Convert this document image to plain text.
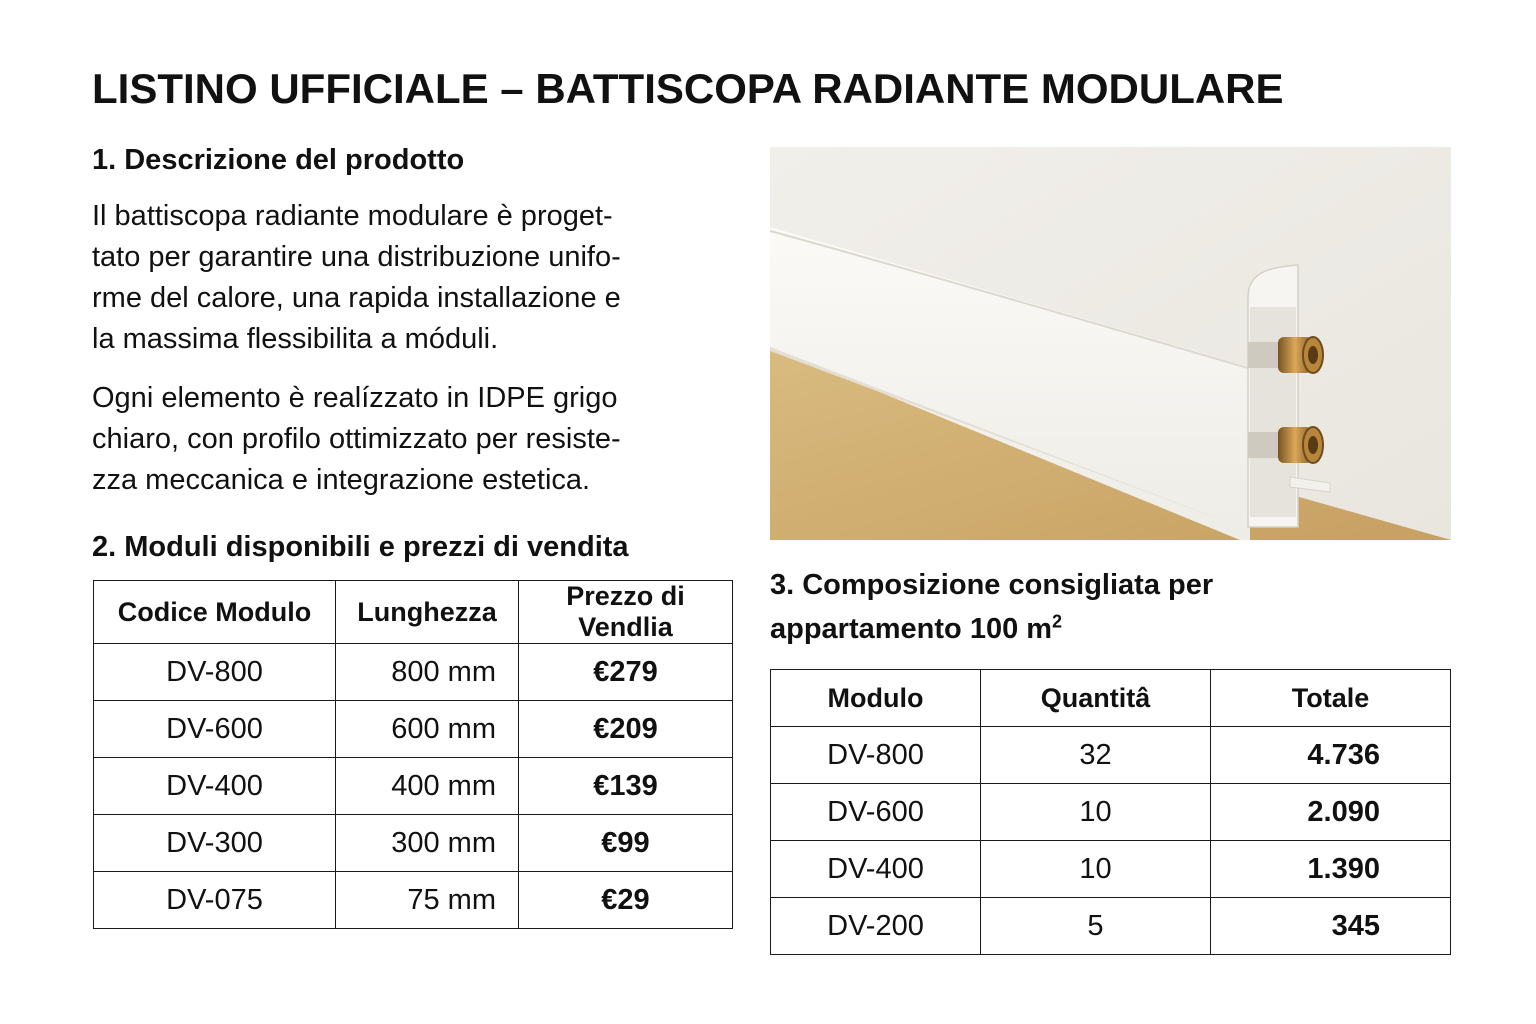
LISTINO UFFICIALE – BATTISCOPA RADIANTE MODULARE
1. Descrizione del prodotto
Il battiscopa radiante modulare è proget-
tato per garantire una distribuzione unifo-
rme del calore, una rapida installazione e
la massima flessibilita a móduli.
Ogni elemento è realízzato in IDPE grigo
chiaro, con profilo ottimizzato per resiste-
zza meccanica e integrazione estetica.
2. Moduli disponibili e prezzi di vendita
Codice Modulo	Lunghezza	Prezzo di Vendlia
DV-800	800 mm	€279
DV-600	600 mm	€209
DV-400	400 mm	€139
DV-300	300 mm	€99
DV-075	75 mm	€29
3. Composizione consigliata per
appartamento 100 $m^2$
Modulo	Quantitâ	Totale
DV-800	32	4.736
DV-600	10	2.090
DV-400	10	1.390
DV-200	5	345
